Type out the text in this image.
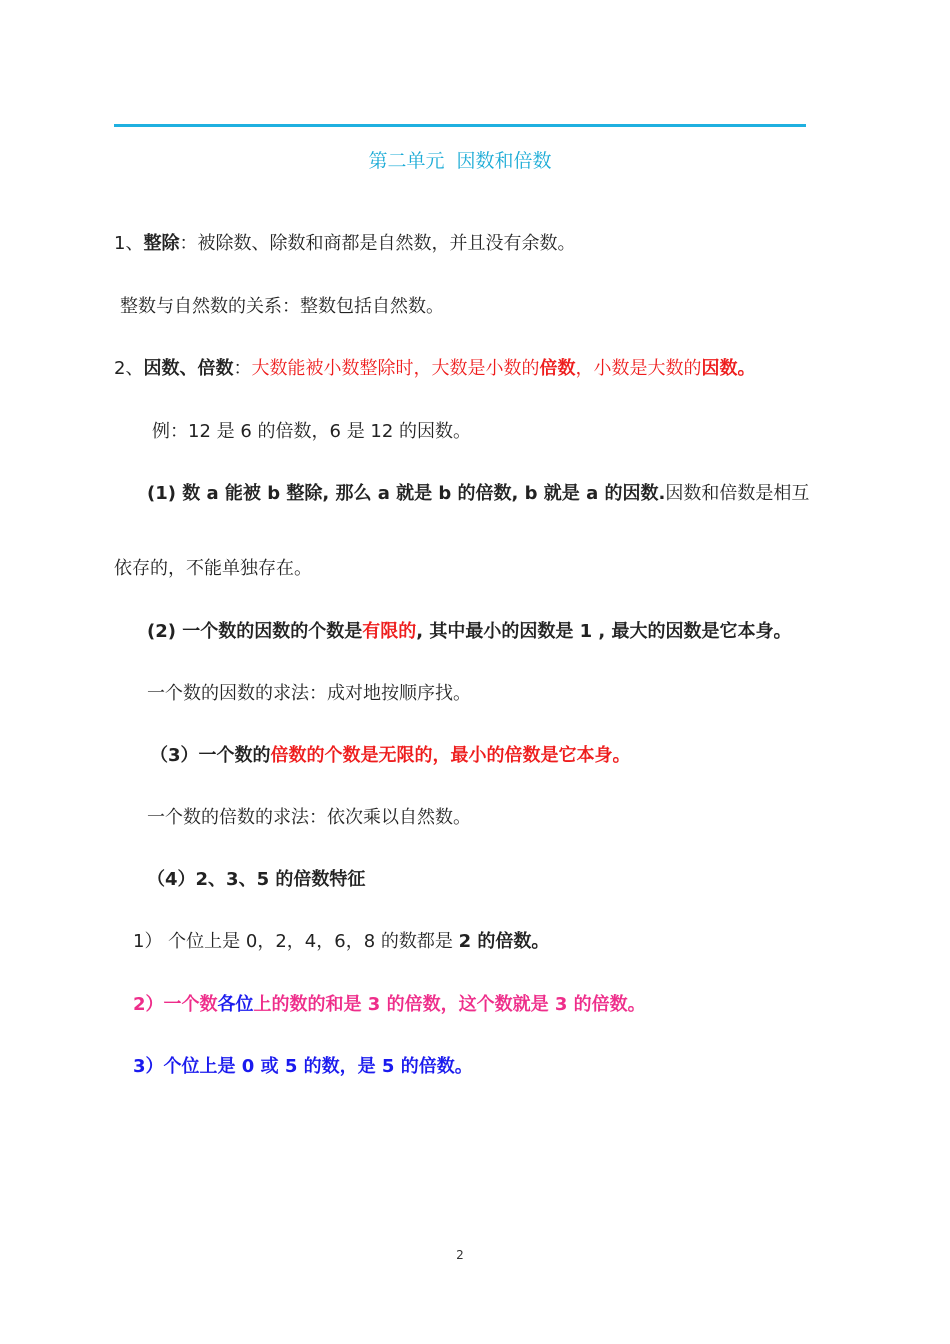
第二单元  因数和倍数
1、整除：被除数、除数和商都是自然数，并且没有余数。
整数与自然数的关系：整数包括自然数。
2、因数、倍数：大数能被小数整除时，大数是小数的倍数，小数是大数的因数。
例：12 是 6 的倍数，6 是 12 的因数。
(1) 数 a 能被 b 整除, 那么 a 就是 b 的倍数, b 就是 a 的因数.因数和倍数是相互
依存的，不能单独存在。
(2) 一个数的因数的个数是有限的, 其中最小的因数是 1 , 最大的因数是它本身。
一个数的因数的求法：成对地按顺序找。
（3）一个数的倍数的个数是无限的，最小的倍数是它本身。
一个数的倍数的求法：依次乘以自然数。
（4）2、3、5 的倍数特征
1） 个位上是 0，2，4，6，8 的数都是 2 的倍数。
2）一个数各位上的数的和是 3 的倍数，这个数就是 3 的倍数。
3）个位上是 0 或 5 的数，是 5 的倍数。
2
